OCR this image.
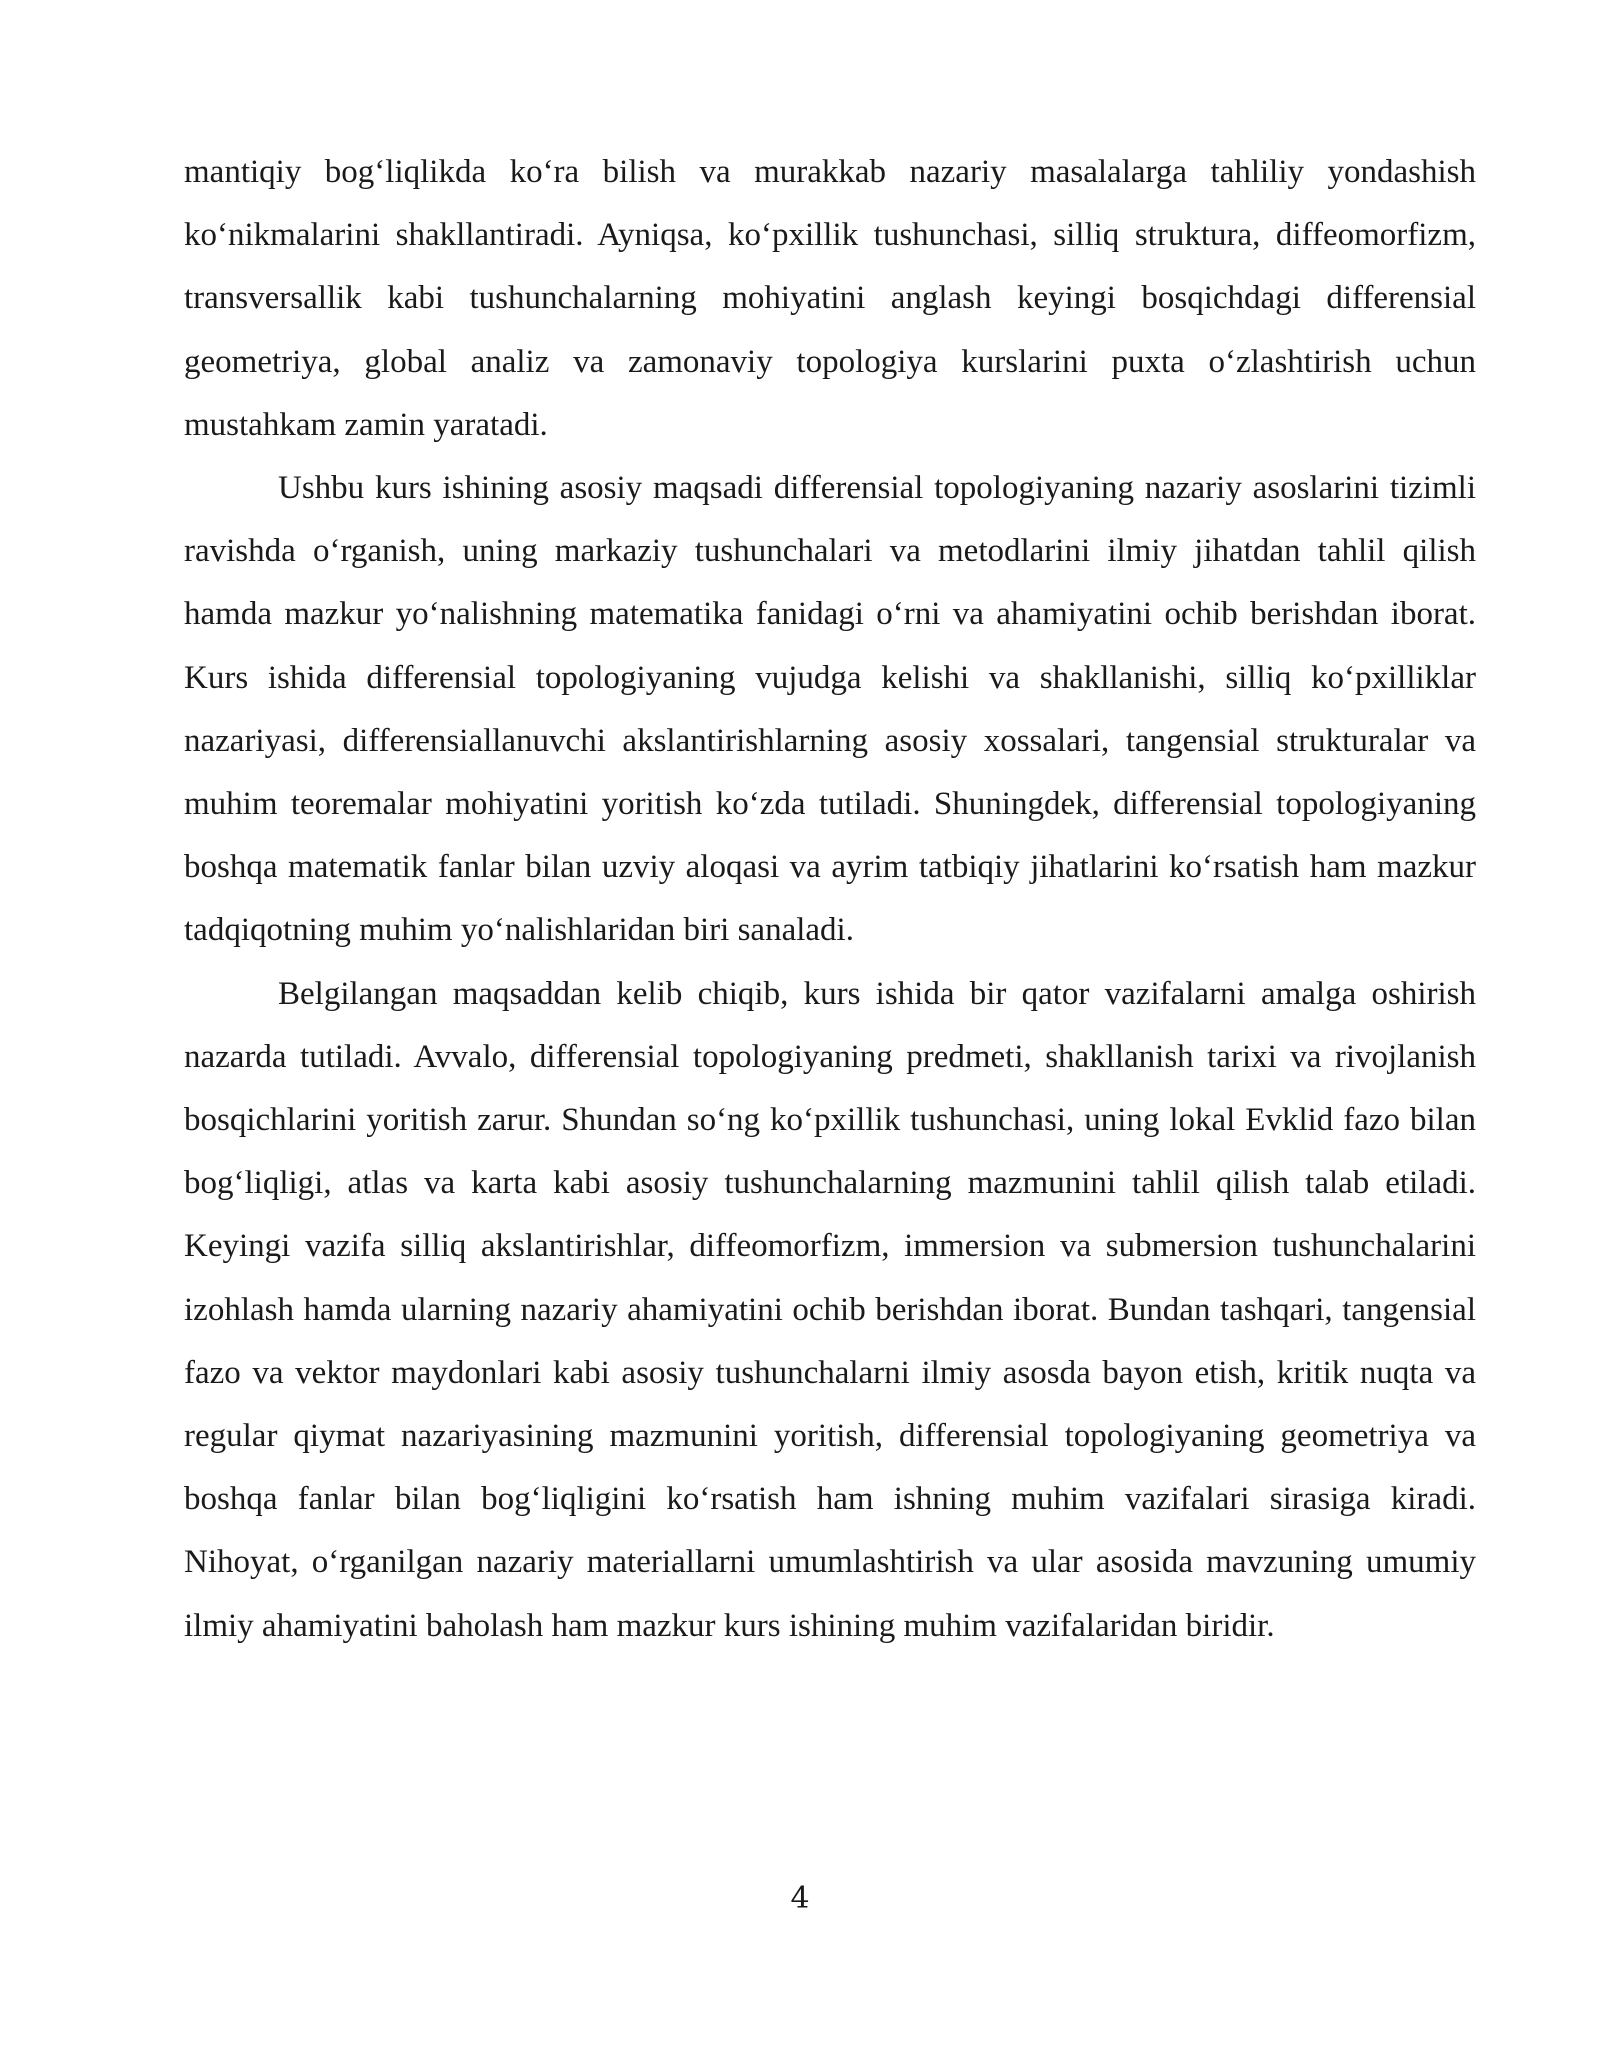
mantiqiy bog‘liqlikda ko‘ra bilish va murakkab nazariy masalalarga tahliliy yondashish ko‘nikmalarini shakllantiradi. Ayniqsa, ko‘pxillik tushunchasi, silliq struktura, diffeomorfizm, transversallik kabi tushunchalarning mohiyatini anglash keyingi bosqichdagi differensial geometriya, global analiz va zamonaviy topologiya kurslarini puxta o‘zlashtirish uchun mustahkam zamin yaratadi.

Ushbu kurs ishining asosiy maqsadi differensial topologiyaning nazariy asoslarini tizimli ravishda o‘rganish, uning markaziy tushunchalari va metodlarini ilmiy jihatdan tahlil qilish hamda mazkur yo‘nalishning matematika fanidagi o‘rni va ahamiyatini ochib berishdan iborat. Kurs ishida differensial topologiyaning vujudga kelishi va shakllanishi, silliq ko‘pxilliklar nazariyasi, differensiallanuvchi akslantirishlarning asosiy xossalari, tangensial strukturalar va muhim teoremalar mohiyatini yoritish ko‘zda tutiladi. Shuningdek, differensial topologiyaning boshqa matematik fanlar bilan uzviy aloqasi va ayrim tatbiqiy jihatlarini ko‘rsatish ham mazkur tadqiqotning muhim yo‘nalishlaridan biri sanaladi.

Belgilangan maqsaddan kelib chiqib, kurs ishida bir qator vazifalarni amalga oshirish nazarda tutiladi. Avvalo, differensial topologiyaning predmeti, shakllanish tarixi va rivojlanish bosqichlarini yoritish zarur. Shundan so‘ng ko‘pxillik tushunchasi, uning lokal Evklid fazo bilan bog‘liqligi, atlas va karta kabi asosiy tushunchalarning mazmunini tahlil qilish talab etiladi. Keyingi vazifa silliq akslantirishlar, diffeomorfizm, immersion va submersion tushunchalarini izohlash hamda ularning nazariy ahamiyatini ochib berishdan iborat. Bundan tashqari, tangensial fazo va vektor maydonlari kabi asosiy tushunchalarni ilmiy asosda bayon etish, kritik nuqta va regular qiymat nazariyasining mazmunini yoritish, differensial topologiyaning geometriya va boshqa fanlar bilan bog‘liqligini ko‘rsatish ham ishning muhim vazifalari sirasiga kiradi. Nihoyat, o‘rganilgan nazariy materiallarni umumlashtirish va ular asosida mavzuning umumiy ilmiy ahamiyatini baholash ham mazkur kurs ishining muhim vazifalaridan biridir.

4
